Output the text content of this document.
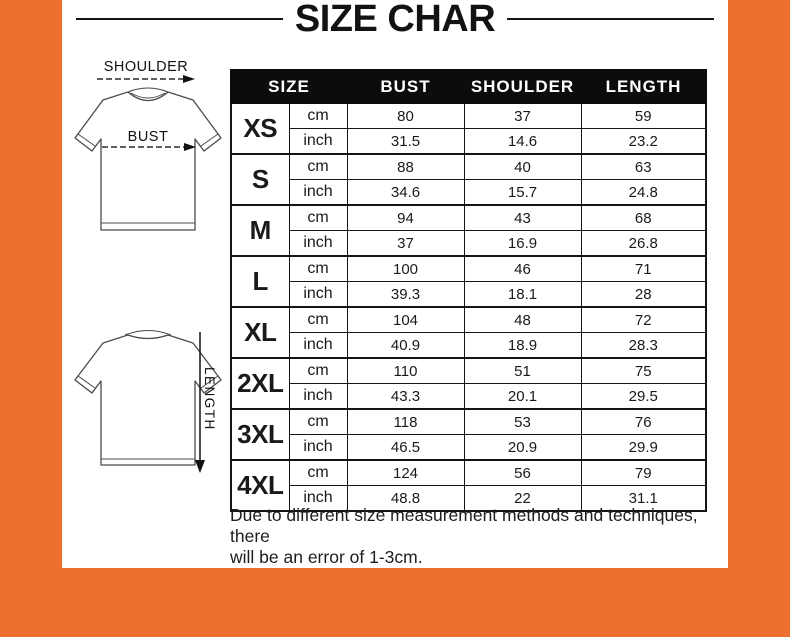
SIZE CHAR
SHOULDER
BUST
LENGTH
SIZE		BUST	SHOULDER	LENGTH
XS	cm	80	37	59
	inch	31.5	14.6	23.2
S	cm	88	40	63
	inch	34.6	15.7	24.8
M	cm	94	43	68
	inch	37	16.9	26.8
L	cm	100	46	71
	inch	39.3	18.1	28
XL	cm	104	48	72
	inch	40.9	18.9	28.3
2XL	cm	110	51	75
	inch	43.3	20.1	29.5
3XL	cm	118	53	76
	inch	46.5	20.9	29.9
4XL	cm	124	56	79
	inch	48.8	22	31.1
Due to different size measurement methods and techniques, there
will be an error of 1-3cm.
